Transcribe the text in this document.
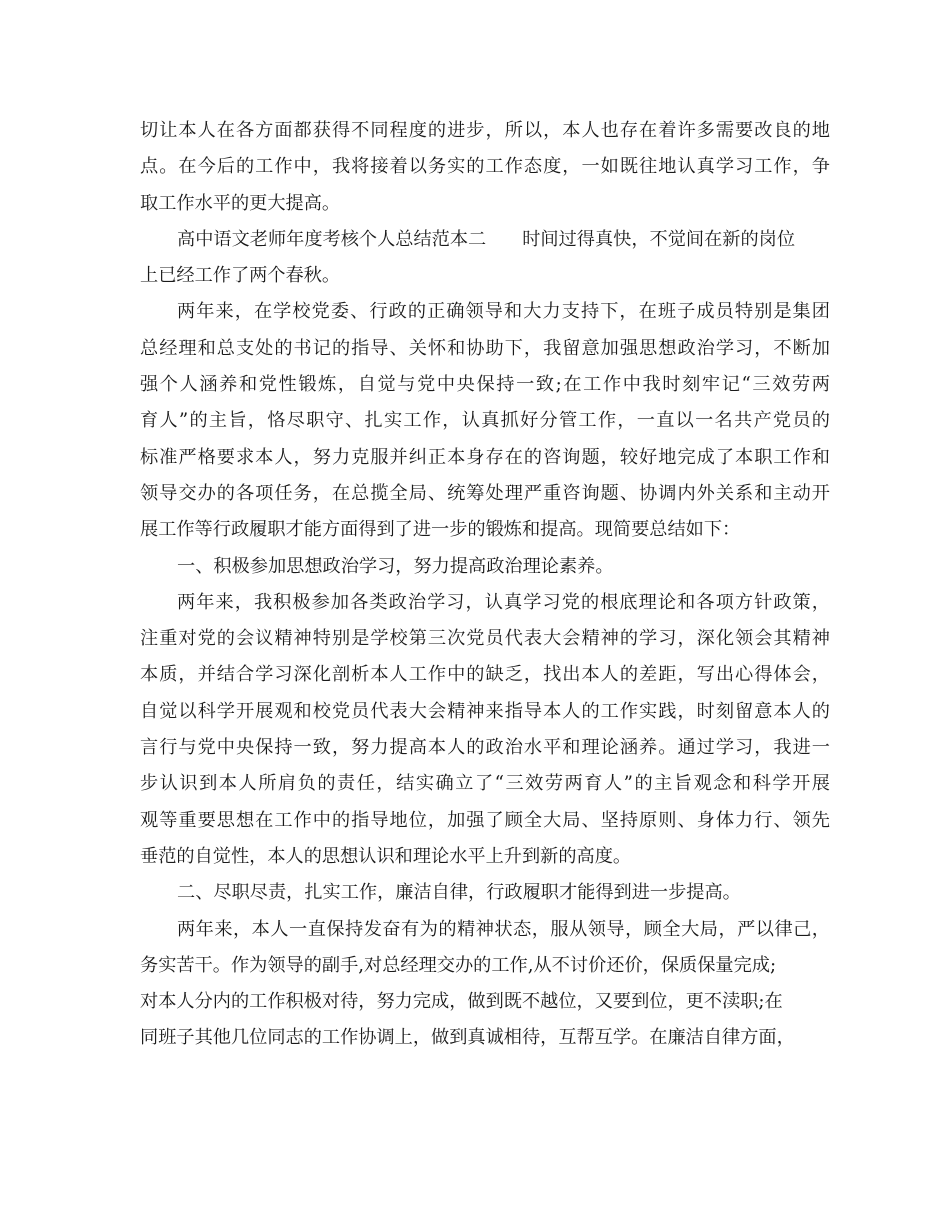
切让本人在各方面都获得不同程度的进步，所以，本人也存在着许多需要改良的地
点。在今后的工作中，我将接着以务实的工作态度，一如既往地认真学习工作，争
取工作水平的更大提高。
高中语文老师年度考核个人总结范本二 时间过得真快，不觉间在新的岗位
上已经工作了两个春秋。
两年来，在学校党委、行政的正确领导和大力支持下，在班子成员特别是集团
总经理和总支处的书记的指导、关怀和协助下，我留意加强思想政治学习，不断加
强个人涵养和党性锻炼，自觉与党中央保持一致;在工作中我时刻牢记“三效劳两
育人”的主旨，恪尽职守、扎实工作，认真抓好分管工作，一直以一名共产党员的
标准严格要求本人，努力克服并纠正本身存在的咨询题，较好地完成了本职工作和
领导交办的各项任务，在总揽全局、统筹处理严重咨询题、协调内外关系和主动开
展工作等行政履职才能方面得到了进一步的锻炼和提高。现简要总结如下：
一、积极参加思想政治学习，努力提高政治理论素养。
两年来，我积极参加各类政治学习，认真学习党的根底理论和各项方针政策，
注重对党的会议精神特别是学校第三次党员代表大会精神的学习，深化领会其精神
本质，并结合学习深化剖析本人工作中的缺乏，找出本人的差距，写出心得体会，
自觉以科学开展观和校党员代表大会精神来指导本人的工作实践，时刻留意本人的
言行与党中央保持一致，努力提高本人的政治水平和理论涵养。通过学习，我进一
步认识到本人所肩负的责任，结实确立了“三效劳两育人”的主旨观念和科学开展
观等重要思想在工作中的指导地位，加强了顾全大局、坚持原则、身体力行、领先
垂范的自觉性，本人的思想认识和理论水平上升到新的高度。
二、尽职尽责，扎实工作，廉洁自律，行政履职才能得到进一步提高。
两年来，本人一直保持发奋有为的精神状态，服从领导，顾全大局，严以律己，
务实苦干。作为领导的副手,对总经理交办的工作,从不讨价还价，保质保量完成;
对本人分内的工作积极对待，努力完成，做到既不越位，又要到位，更不渎职;在
同班子其他几位同志的工作协调上，做到真诚相待，互帮互学。在廉洁自律方面，
